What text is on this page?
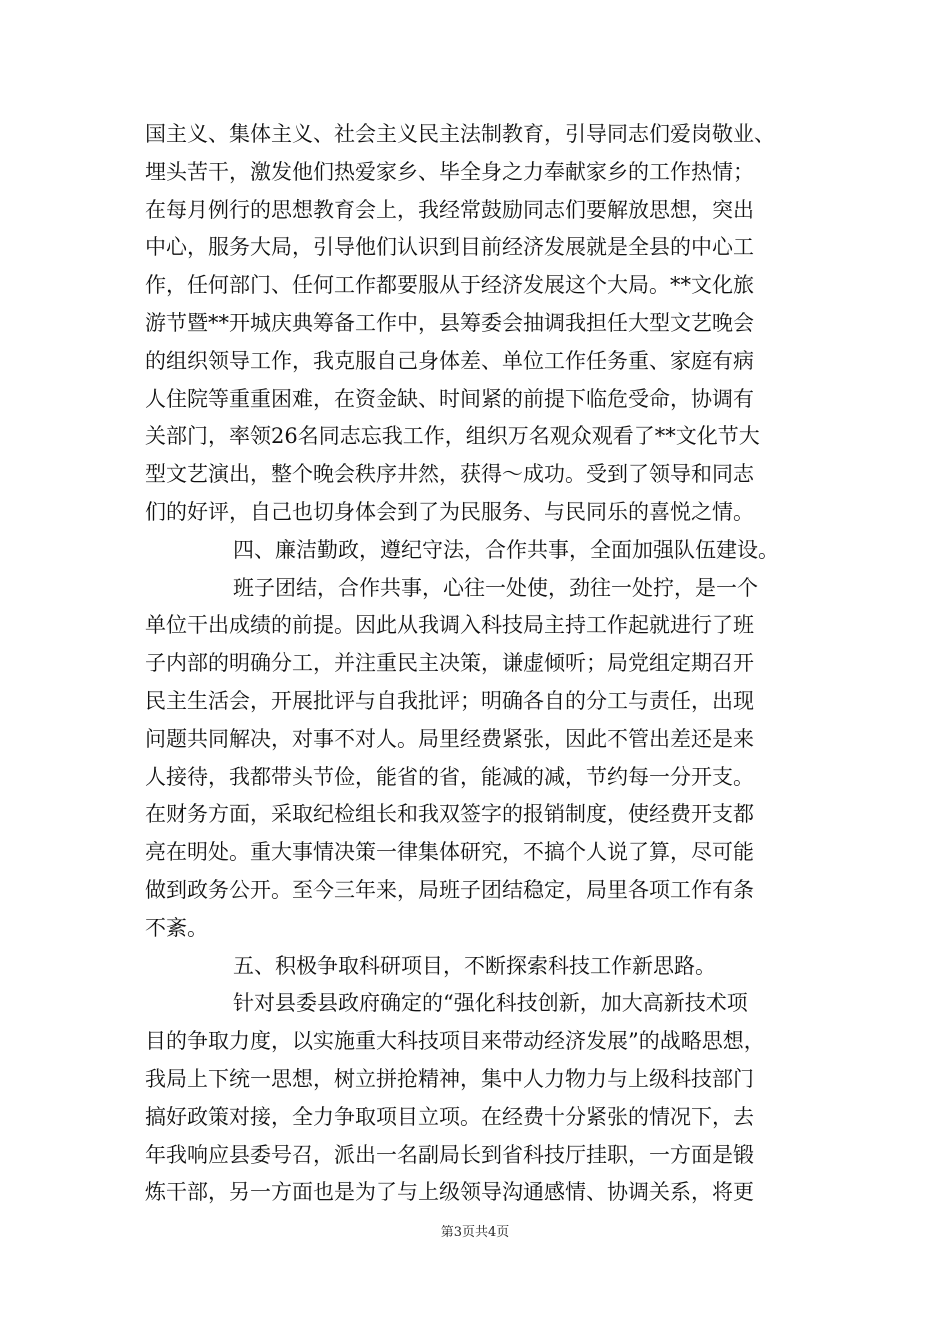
国主义、集体主义、社会主义民主法制教育，引导同志们爱岗敬业、
埋头苦干，激发他们热爱家乡、毕全身之力奉献家乡的工作热情；
在每月例行的思想教育会上，我经常鼓励同志们要解放思想，突出
中心，服务大局，引导他们认识到目前经济发展就是全县的中心工
作，任何部门、任何工作都要服从于经济发展这个大局。**文化旅
游节暨**开城庆典筹备工作中，县筹委会抽调我担任大型文艺晚会
的组织领导工作，我克服自己身体差、单位工作任务重、家庭有病
人住院等重重困难，在资金缺、时间紧的前提下临危受命，协调有
关部门，率领26名同志忘我工作，组织万名观众观看了**文化节大
型文艺演出，整个晚会秩序井然，获得～成功。受到了领导和同志
们的好评，自己也切身体会到了为民服务、与民同乐的喜悦之情。
四、廉洁勤政，遵纪守法，合作共事，全面加强队伍建设。
班子团结，合作共事，心往一处使，劲往一处拧，是一个
单位干出成绩的前提。因此从我调入科技局主持工作起就进行了班
子内部的明确分工，并注重民主决策，谦虚倾听；局党组定期召开
民主生活会，开展批评与自我批评；明确各自的分工与责任，出现
问题共同解决，对事不对人。局里经费紧张，因此不管出差还是来
人接待，我都带头节俭，能省的省，能减的减，节约每一分开支。
在财务方面，采取纪检组长和我双签字的报销制度，使经费开支都
亮在明处。重大事情决策一律集体研究，不搞个人说了算，尽可能
做到政务公开。至今三年来，局班子团结稳定，局里各项工作有条
不紊。
五、积极争取科研项目，不断探索科技工作新思路。
针对县委县政府确定的“强化科技创新，加大高新技术项
目的争取力度，以实施重大科技项目来带动经济发展”的战略思想，
我局上下统一思想，树立拼抢精神，集中人力物力与上级科技部门
搞好政策对接，全力争取项目立项。在经费十分紧张的情况下，去
年我响应县委号召，派出一名副局长到省科技厅挂职，一方面是锻
炼干部，另一方面也是为了与上级领导沟通感情、协调关系，将更
第3页共4页
